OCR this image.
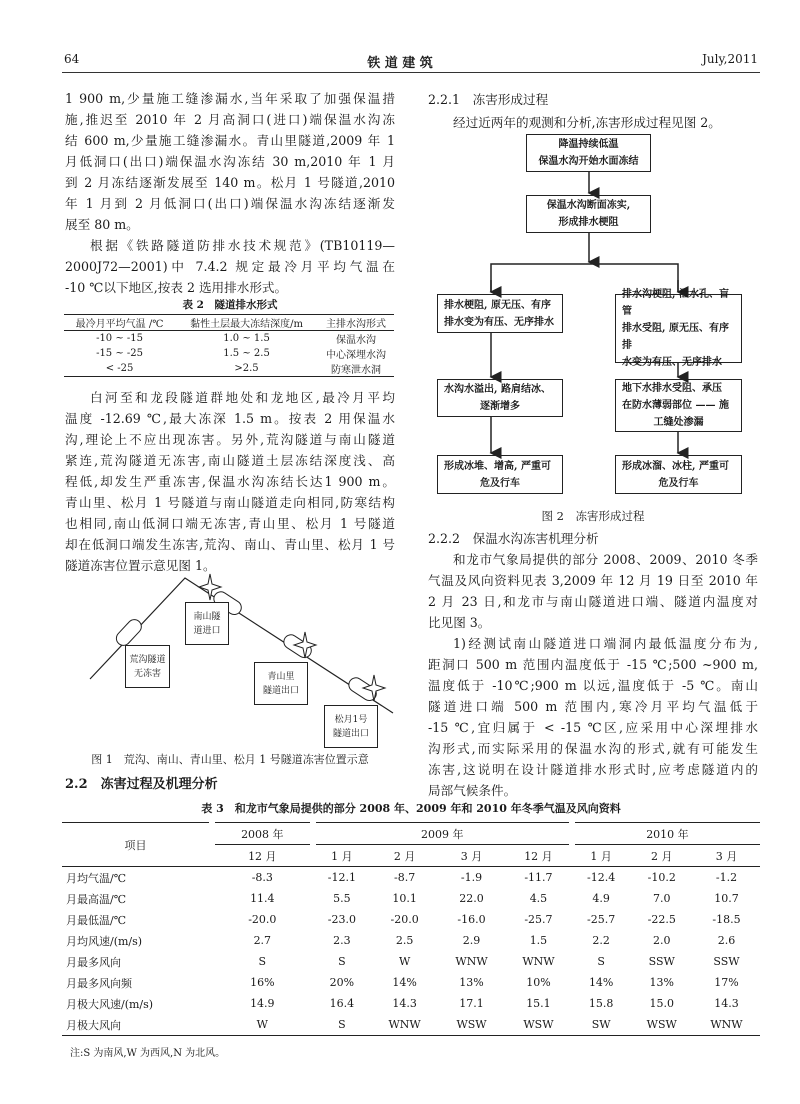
64	铁 道 建 筑	July,2011
1 900 m,少量施工缝渗漏水,当年采取了加强保温措
施,推迟至 2010 年 2 月高洞口(进口)端保温水沟冻
结 600 m,少量施工缝渗漏水。青山里隧道,2009 年 1
月低洞口(出口)端保温水沟冻结 30 m,2010 年 1 月
到 2 月冻结逐渐发展至 140 m。松月 1 号隧道,2010
年 1 月到 2 月低洞口(出口)端保温水沟冻结逐渐发
展至 80 m。
根据《铁路隧道防排水技术规范》(TB10119—
2000J72—2001)中 7.4.2 规定最冷月平均气温在
-10 ℃以下地区,按表 2 选用排水形式。
表 2　隧道排水形式
最冷月平均气温 /℃	黏性土层最大冻结深度/m	主排水沟形式
-10 ~ -15	1.0 ~ 1.5	保温水沟
-15 ~ -25	1.5 ~ 2.5	中心深埋水沟
< -25	>2.5	防寒泄水洞
白河至和龙段隧道群地处和龙地区,最冷月平均
温度 -12.69 ℃,最大冻深 1.5 m。按表 2 用保温水
沟,理论上不应出现冻害。另外,荒沟隧道与南山隧道
紧连,荒沟隧道无冻害,南山隧道土层冻结深度浅、高
程低,却发生严重冻害,保温水沟冻结长达1 900 m。
青山里、松月 1 号隧道与南山隧道走向相同,防寒结构
也相同,南山低洞口端无冻害,青山里、松月 1 号隧道
却在低洞口端发生冻害,荒沟、南山、青山里、松月 1 号
隧道冻害位置示意见图 1。
南山隧
道进口
荒沟隧道
无冻害	青山里
隧道出口
松月1号
隧道出口
图 1　荒沟、南山、青山里、松月 1 号隧道冻害位置示意
2.2　冻害过程及机理分析
2.2.1　冻害形成过程
经过近两年的观测和分析,冻害形成过程见图 2。
降温持续低温
保温水沟开始水面冻结
保温水沟断面冻实,
形成排水梗阻
排水梗阻, 原无压、有序
排水变为有压、无序排水
水沟水溢出, 路肩结冰、
逐渐增多
形成冰堆、增高, 严重可
危及行车
排水沟梗阻, 泄水孔、盲管
排水受阻, 原无压、有序排
水变为有压、无序排水
地下水排水受阻、承压
在防水薄弱部位 —— 施
工缝处渗漏
形成冰溜、冰柱, 严重可
危及行车
图 2　冻害形成过程
2.2.2　保温水沟冻害机理分析
和龙市气象局提供的部分 2008、2009、2010 冬季
气温及风向资料见表 3,2009 年 12 月 19 日至 2010 年
2 月 23 日,和龙市与南山隧道进口端、隧道内温度对
比见图 3。
1)经测试南山隧道进口端洞内最低温度分布为,
距洞口 500 m 范围内温度低于 -15 ℃;500 ~900 m,
温度低于 -10℃;900 m 以远,温度低于 -5 ℃。南山
隧道进口端 500 m 范围内,寒冷月平均气温低于
-15 ℃,宜归属于 < -15 ℃区,应采用中心深埋排水
沟形式,而实际采用的保温水沟的形式,就有可能发生
冻害,这说明在设计隧道排水形式时,应考虑隧道内的
局部气候条件。
表 3　和龙市气象局提供的部分 2008 年、2009 年和 2010 年冬季气温及风向资料
项目	2008 年	2009 年				2010 年		
	12 月	1 月	2 月	3 月	12 月	1 月	2 月	3 月
月均气温/℃	-8.3	-12.1	-8.7	-1.9	-11.7	-12.4	-10.2	-1.2
月最高温/℃	11.4	5.5	10.1	22.0	4.5	4.9	7.0	10.7
月最低温/℃	-20.0	-23.0	-20.0	-16.0	-25.7	-25.7	-22.5	-18.5
月均风速/(m/s)	2.7	2.3	2.5	2.9	1.5	2.2	2.0	2.6
月最多风向	S	S	W	WNW	WNW	S	SSW	SSW
月最多风向频	16%	20%	14%	13%	10%	14%	13%	17%
月极大风速/(m/s)	14.9	16.4	14.3	17.1	15.1	15.8	15.0	14.3
月极大风向	W	S	WNW	WSW	WSW	SW	WSW	WNW
注:S 为南风,W 为西风,N 为北风。
